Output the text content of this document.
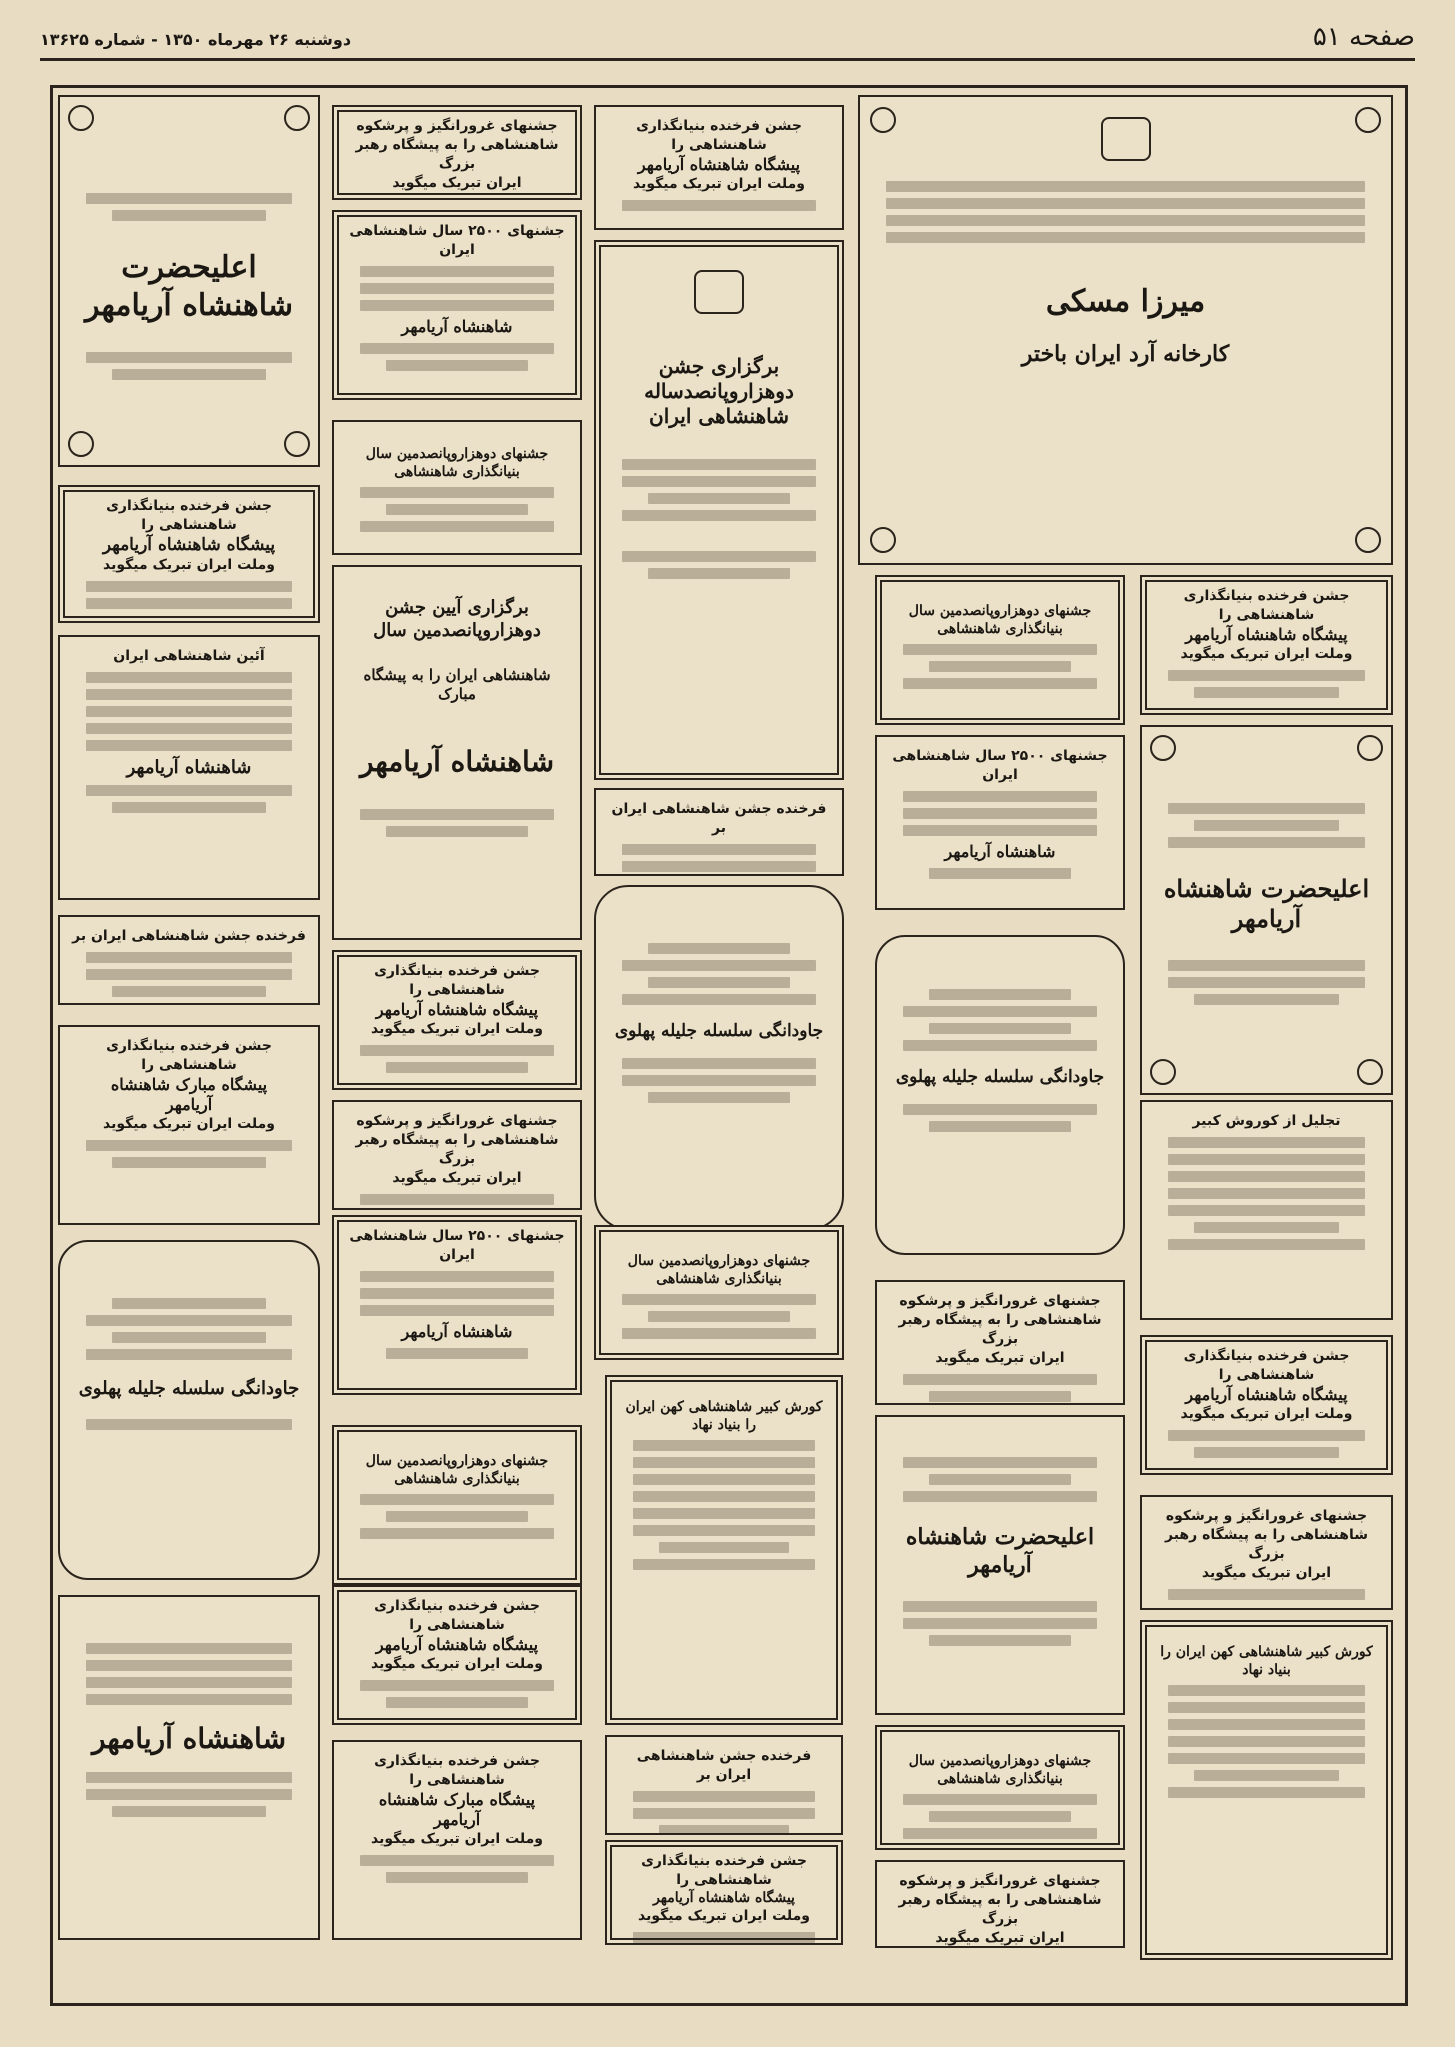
صفحه ۵۱
دوشنبه ۲۶ مهرماه ۱۳۵۰ - شماره ۱۳۶۲۵
اعلیحضرت شاهنشاه آریامهر
جشن فرخنده بنیانگذاری شاهنشاهی را
پیشگاه شاهنشاه آریامهر
وملت ایران تبریک میگوید
آئین شاهنشاهی ایران
شاهنشاه آریامهر
فرخنده جشن شاهنشاهی ایران بر
جشن فرخنده بنیانگذاری شاهنشاهی را
پیشگاه مبارک شاهنشاه
آریامهر
وملت ایران تبریک میگوید
جاودانگی سلسله جلیله پهلوی
شاهنشاه آریامهر
جشنهای غرورانگیز و پرشکوه
شاهنشاهی را به پیشگاه رهبر بزرگ
ایران تبریک میگوید
جشنهای ۲۵۰۰ سال شاهنشاهی ایران
شاهنشاه آریامهر
جشنهای دوهزاروپانصدمین سال بنیانگذاری شاهنشاهی
برگزاری آیین جشن دوهزاروپانصدمین سال
شاهنشاهی ایران را به پیشگاه مبارک
شاهنشاه آریامهر
جشن فرخنده بنیانگذاری شاهنشاهی را
پیشگاه شاهنشاه آریامهر
وملت ایران تبریک میگوید
جشنهای غرورانگیز و پرشکوه
شاهنشاهی را به پیشگاه رهبر بزرگ
ایران تبریک میگوید
جشنهای ۲۵۰۰ سال شاهنشاهی ایران
شاهنشاه آریامهر
جشنهای دوهزاروپانصدمین سال بنیانگذاری شاهنشاهی
جشن فرخنده بنیانگذاری شاهنشاهی را
پیشگاه شاهنشاه آریامهر
وملت ایران تبریک میگوید
جشن فرخنده بنیانگذاری شاهنشاهی را
پیشگاه مبارک شاهنشاه
آریامهر
وملت ایران تبریک میگوید
جشن فرخنده بنیانگذاری شاهنشاهی را
پیشگاه شاهنشاه آریامهر
وملت ایران تبریک میگوید
برگزاری جشن دوهزاروپانصدساله شاهنشاهی ایران
فرخنده جشن شاهنشاهی ایران بر
جاودانگی سلسله جلیله پهلوی
جشنهای دوهزاروپانصدمین سال بنیانگذاری شاهنشاهی
کورش کبیر شاهنشاهی کهن ایران را بنیاد نهاد
فرخنده جشن شاهنشاهی ایران بر
جشن فرخنده بنیانگذاری شاهنشاهی را
پیشگاه شاهنشاه آریامهر
وملت ایران تبریک میگوید
میرزا مسکی
کارخانه آرد ایران باختر
جشنهای دوهزاروپانصدمین سال بنیانگذاری شاهنشاهی
جشن فرخنده بنیانگذاری شاهنشاهی را
پیشگاه شاهنشاه آریامهر
وملت ایران تبریک میگوید
جشنهای ۲۵۰۰ سال شاهنشاهی ایران
شاهنشاه آریامهر
اعلیحضرت شاهنشاه آریامهر
جاودانگی سلسله جلیله پهلوی
تجلیل از کوروش کبیر
جشنهای غرورانگیز و پرشکوه
شاهنشاهی را به پیشگاه رهبر بزرگ
ایران تبریک میگوید	جشن فرخنده بنیانگذاری شاهنشاهی را
پیشگاه شاهنشاه آریامهر
وملت ایران تبریک میگوید
اعلیحضرت شاهنشاه آریامهر
جشنهای غرورانگیز و پرشکوه
شاهنشاهی را به پیشگاه رهبر بزرگ
ایران تبریک میگوید
کورش کبیر شاهنشاهی کهن ایران را بنیاد نهاد
جشنهای دوهزاروپانصدمین سال بنیانگذاری شاهنشاهی
جشنهای غرورانگیز و پرشکوه
شاهنشاهی را به پیشگاه رهبر بزرگ
ایران تبریک میگوید
